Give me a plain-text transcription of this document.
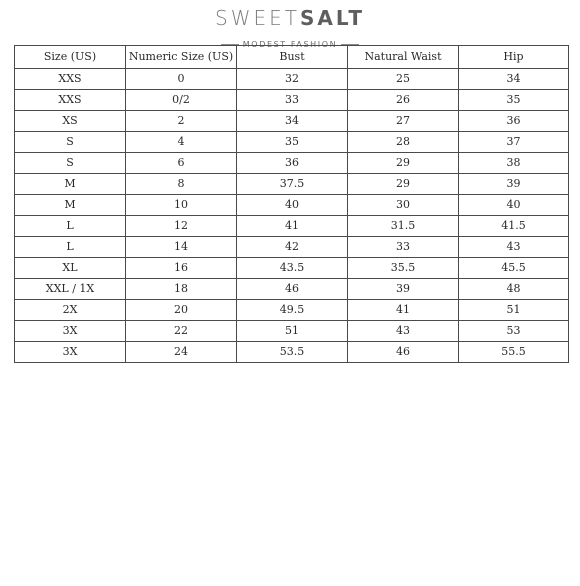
SWEETSALT
MODEST FASHION
Size (US)	Numeric Size (US)	Bust	Natural Waist	Hip
XXS	0	32	25	34
XXS	0/2	33	26	35
XS	2	34	27	36
S	4	35	28	37
S	6	36	29	38
M	8	37.5	29	39
M	10	40	30	40
L	12	41	31.5	41.5
L	14	42	33	43
XL	16	43.5	35.5	45.5
XXL / 1X	18	46	39	48
2X	20	49.5	41	51
3X	22	51	43	53
3X	24	53.5	46	55.5
